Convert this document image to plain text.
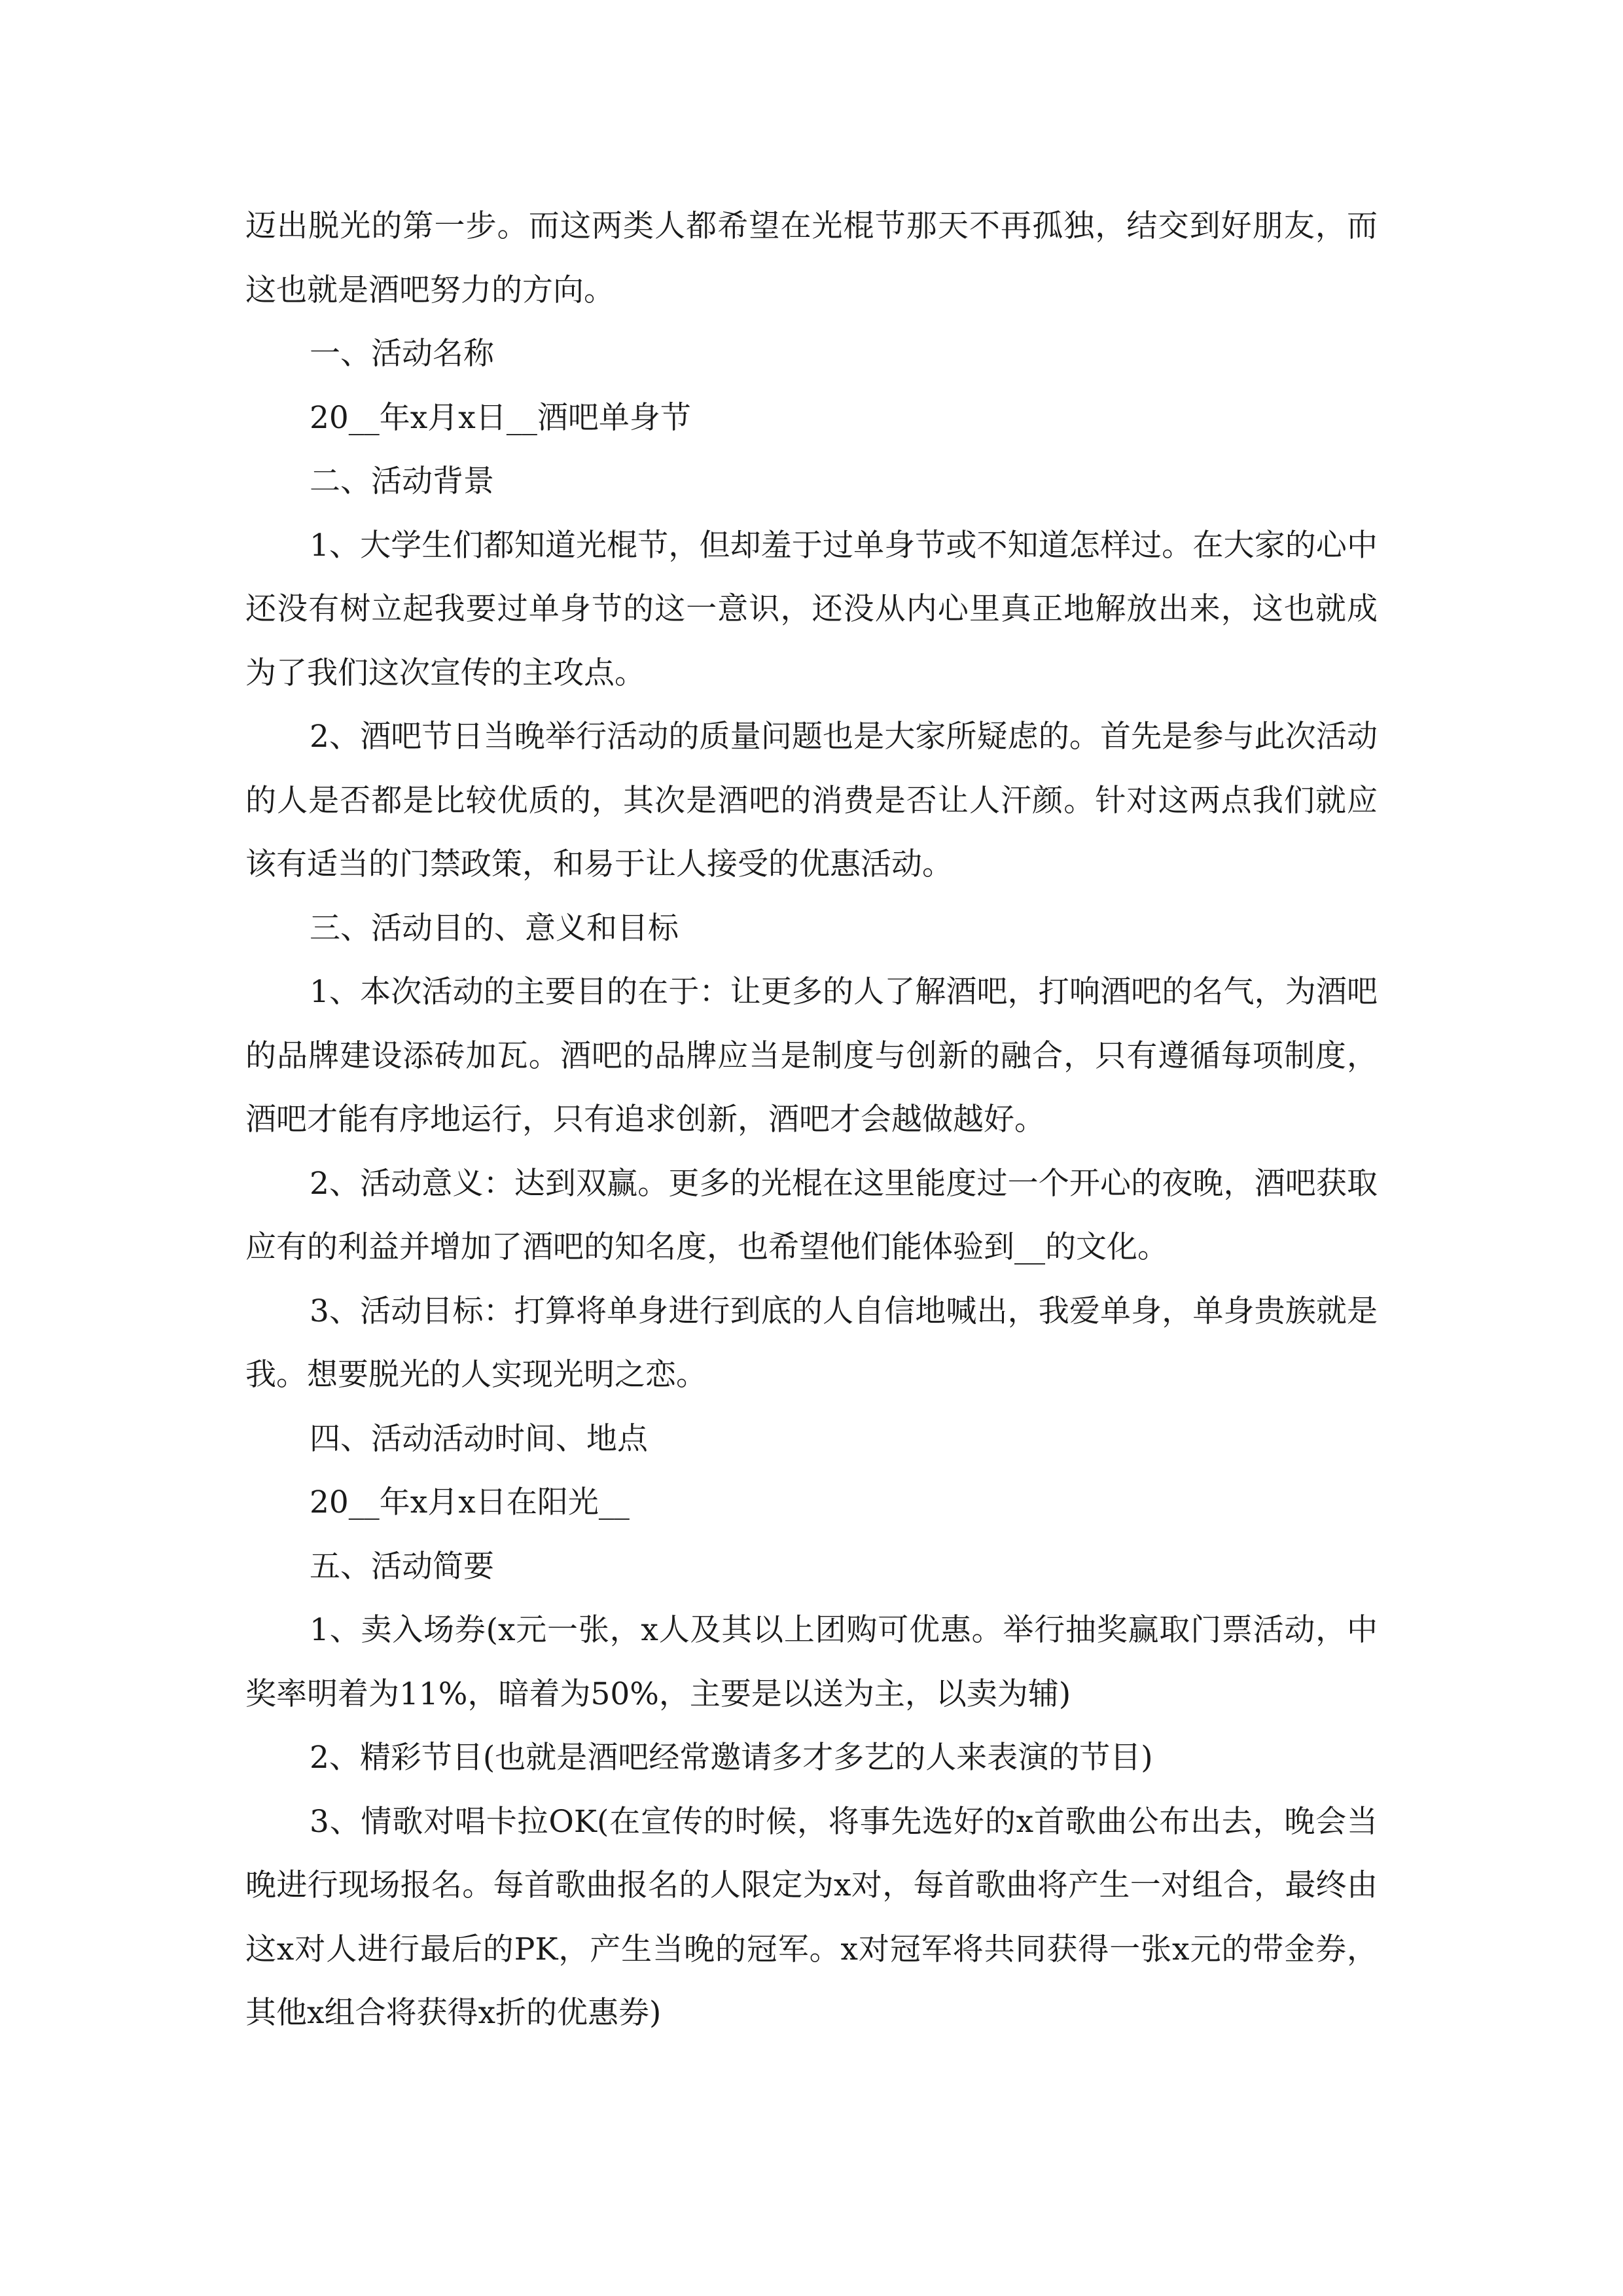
迈出脱光的第一步。而这两类人都希望在光棍节那天不再孤独，结交到好朋友，而这也就是酒吧努力的方向。

一、活动名称

20__年x月x日__酒吧单身节

二、活动背景

1、大学生们都知道光棍节，但却羞于过单身节或不知道怎样过。在大家的心中还没有树立起我要过单身节的这一意识，还没从内心里真正地解放出来，这也就成为了我们这次宣传的主攻点。

2、酒吧节日当晚举行活动的质量问题也是大家所疑虑的。首先是参与此次活动的人是否都是比较优质的，其次是酒吧的消费是否让人汗颜。针对这两点我们就应该有适当的门禁政策，和易于让人接受的优惠活动。

三、活动目的、意义和目标

1、本次活动的主要目的在于：让更多的人了解酒吧，打响酒吧的名气，为酒吧的品牌建设添砖加瓦。酒吧的品牌应当是制度与创新的融合，只有遵循每项制度，酒吧才能有序地运行，只有追求创新，酒吧才会越做越好。

2、活动意义：达到双赢。更多的光棍在这里能度过一个开心的夜晚，酒吧获取应有的利益并增加了酒吧的知名度，也希望他们能体验到__的文化。

3、活动目标：打算将单身进行到底的人自信地喊出，我爱单身，单身贵族就是我。想要脱光的人实现光明之恋。

四、活动活动时间、地点

20__年x月x日在阳光__

五、活动简要

1、卖入场券(x元一张，x人及其以上团购可优惠。举行抽奖赢取门票活动，中奖率明着为11%，暗着为50%，主要是以送为主，以卖为辅)

2、精彩节目(也就是酒吧经常邀请多才多艺的人来表演的节目)

3、情歌对唱卡拉OK(在宣传的时候，将事先选好的x首歌曲公布出去，晚会当晚进行现场报名。每首歌曲报名的人限定为x对，每首歌曲将产生一对组合，最终由这x对人进行最后的PK，产生当晚的冠军。x对冠军将共同获得一张x元的带金券，其他x组合将获得x折的优惠券)
